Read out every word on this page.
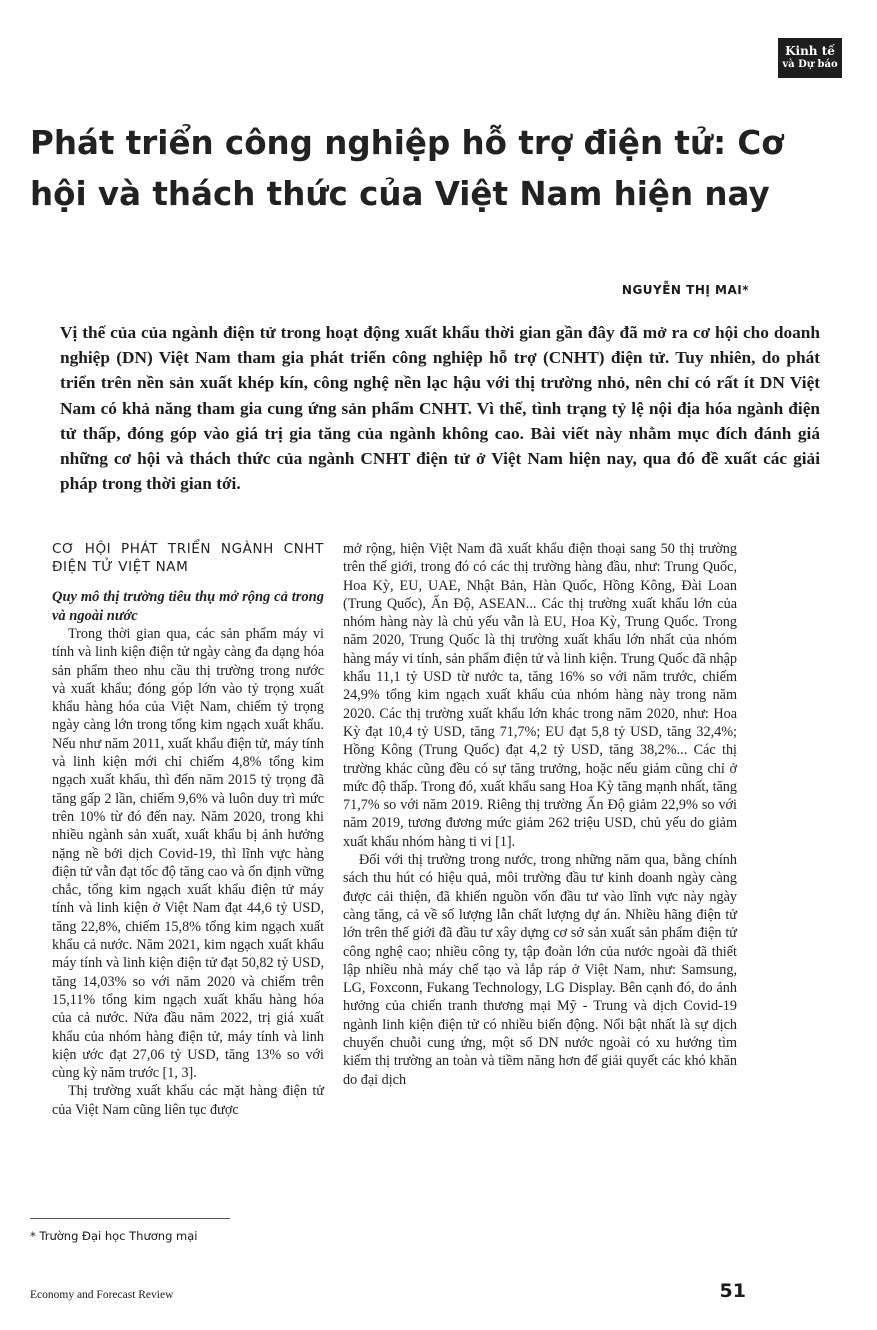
Kinh tế
và Dự báo
Phát triển công nghiệp hỗ trợ điện tử: Cơ hội và thách thức của Việt Nam hiện nay

NGUYỄN THỊ MAI*

Vị thế của của ngành điện tử trong hoạt động xuất khẩu thời gian gần đây đã mở ra cơ hội cho doanh nghiệp (DN) Việt Nam tham gia phát triển công nghiệp hỗ trợ (CNHT) điện tử. Tuy nhiên, do phát triển trên nền sản xuất khép kín, công nghệ nền lạc hậu với thị trường nhỏ, nên chỉ có rất ít DN Việt Nam có khả năng tham gia cung ứng sản phẩm CNHT. Vì thế, tình trạng tỷ lệ nội địa hóa ngành điện tử thấp, đóng góp vào giá trị gia tăng của ngành không cao. Bài viết này nhằm mục đích đánh giá những cơ hội và thách thức của ngành CNHT điện tử ở Việt Nam hiện nay, qua đó đề xuất các giải pháp trong thời gian tới.

CƠ HỘI PHÁT TRIỂN NGÀNH CNHT ĐIỆN TỬ VIỆT NAM
Quy mô thị trường tiêu thụ mở rộng cả trong và ngoài nước

Trong thời gian qua, các sản phẩm máy vi tính và linh kiện điện tử ngày càng đa dạng hóa sản phẩm theo nhu cầu thị trường trong nước và xuất khẩu; đóng góp lớn vào tỷ trọng xuất khẩu hàng hóa của Việt Nam, chiếm tỷ trọng ngày càng lớn trong tổng kim ngạch xuất khẩu. Nếu như năm 2011, xuất khẩu điện tử, máy tính và linh kiện mới chỉ chiếm 4,8% tổng kim ngạch xuất khẩu, thì đến năm 2015 tỷ trọng đã tăng gấp 2 lần, chiếm 9,6% và luôn duy trì mức trên 10% từ đó đến nay. Năm 2020, trong khi nhiều ngành sản xuất, xuất khẩu bị ảnh hưởng nặng nề bởi dịch Covid-19, thì lĩnh vực hàng điện tử vẫn đạt tốc độ tăng cao và ổn định vững chắc, tổng kim ngạch xuất khẩu điện tử máy tính và linh kiện ở Việt Nam đạt 44,6 tỷ USD, tăng 22,8%, chiếm 15,8% tổng kim ngạch xuất khẩu cả nước. Năm 2021, kim ngạch xuất khẩu máy tính và linh kiện điện tử đạt 50,82 tỷ USD, tăng 14,03% so với năm 2020 và chiếm trên 15,11% tổng kim ngạch xuất khẩu hàng hóa của cả nước. Nửa đầu năm 2022, trị giá xuất khẩu của nhóm hàng điện tử, máy tính và linh kiện ước đạt 27,06 tỷ USD, tăng 13% so với cùng kỳ năm trước [1, 3].

Thị trường xuất khẩu các mặt hàng điện tử của Việt Nam cũng liên tục được

mở rộng, hiện Việt Nam đã xuất khẩu điện thoại sang 50 thị trường trên thế giới, trong đó có các thị trường hàng đầu, như: Trung Quốc, Hoa Kỳ, EU, UAE, Nhật Bản, Hàn Quốc, Hồng Kông, Đài Loan (Trung Quốc), Ấn Độ, ASEAN... Các thị trường xuất khẩu lớn của nhóm hàng này là chủ yếu vẫn là EU, Hoa Kỳ, Trung Quốc. Trong năm 2020, Trung Quốc là thị trường xuất khẩu lớn nhất của nhóm hàng máy vi tính, sản phẩm điện tử và linh kiện. Trung Quốc đã nhập khẩu 11,1 tỷ USD từ nước ta, tăng 16% so với năm trước, chiếm 24,9% tổng kim ngạch xuất khẩu của nhóm hàng này trong năm 2020. Các thị trường xuất khẩu lớn khác trong năm 2020, như: Hoa Kỳ đạt 10,4 tỷ USD, tăng 71,7%; EU đạt 5,8 tỷ USD, tăng 32,4%; Hồng Kông (Trung Quốc) đạt 4,2 tỷ USD, tăng 38,2%... Các thị trường khác cũng đều có sự tăng trưởng, hoặc nếu giảm cũng chỉ ở mức độ thấp. Trong đó, xuất khẩu sang Hoa Kỳ tăng mạnh nhất, tăng 71,7% so với năm 2019. Riêng thị trường Ấn Độ giảm 22,9% so với năm 2019, tương đương mức giảm 262 triệu USD, chủ yếu do giảm xuất khẩu nhóm hàng ti vi [1].

Đối với thị trường trong nước, trong những năm qua, bằng chính sách thu hút có hiệu quả, môi trường đầu tư kinh doanh ngày càng được cải thiện, đã khiến nguồn vốn đầu tư vào lĩnh vực này ngày càng tăng, cả về số lượng lẫn chất lượng dự án. Nhiều hãng điện tử lớn trên thế giới đã đầu tư xây dựng cơ sở sản xuất sản phẩm điện tử công nghệ cao; nhiều công ty, tập đoàn lớn của nước ngoài đã thiết lập nhiều nhà máy chế tạo và lắp ráp ở Việt Nam, như: Samsung, LG, Foxconn, Fukang Technology, LG Display. Bên cạnh đó, do ảnh hưởng của chiến tranh thương mại Mỹ - Trung và dịch Covid-19 ngành linh kiện điện tử có nhiều biến động. Nổi bật nhất là sự dịch chuyển chuỗi cung ứng, một số DN nước ngoài có xu hướng tìm kiếm thị trường an toàn và tiềm năng hơn để giải quyết các khó khăn do đại dịch

* Trường Đại học Thương mại

Economy and Forecast Review	51
